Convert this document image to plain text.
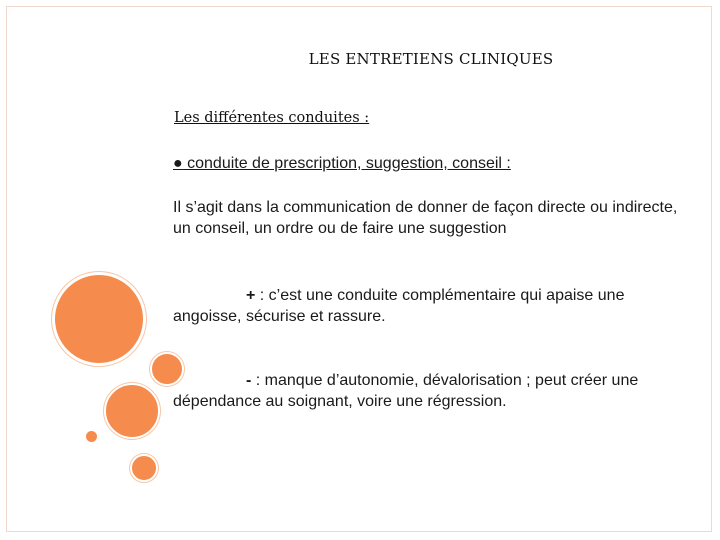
LES ENTRETIENS CLINIQUES
Les différentes conduites :
● conduite de prescription, suggestion, conseil :
Il s’agit dans la communication de donner de façon directe ou indirecte, un conseil, un ordre ou de faire une suggestion
+ : c’est une conduite complémentaire qui apaise une angoisse, sécurise et rassure.
- : manque d’autonomie, dévalorisation ; peut créer une dépendance au soignant, voire une régression.
